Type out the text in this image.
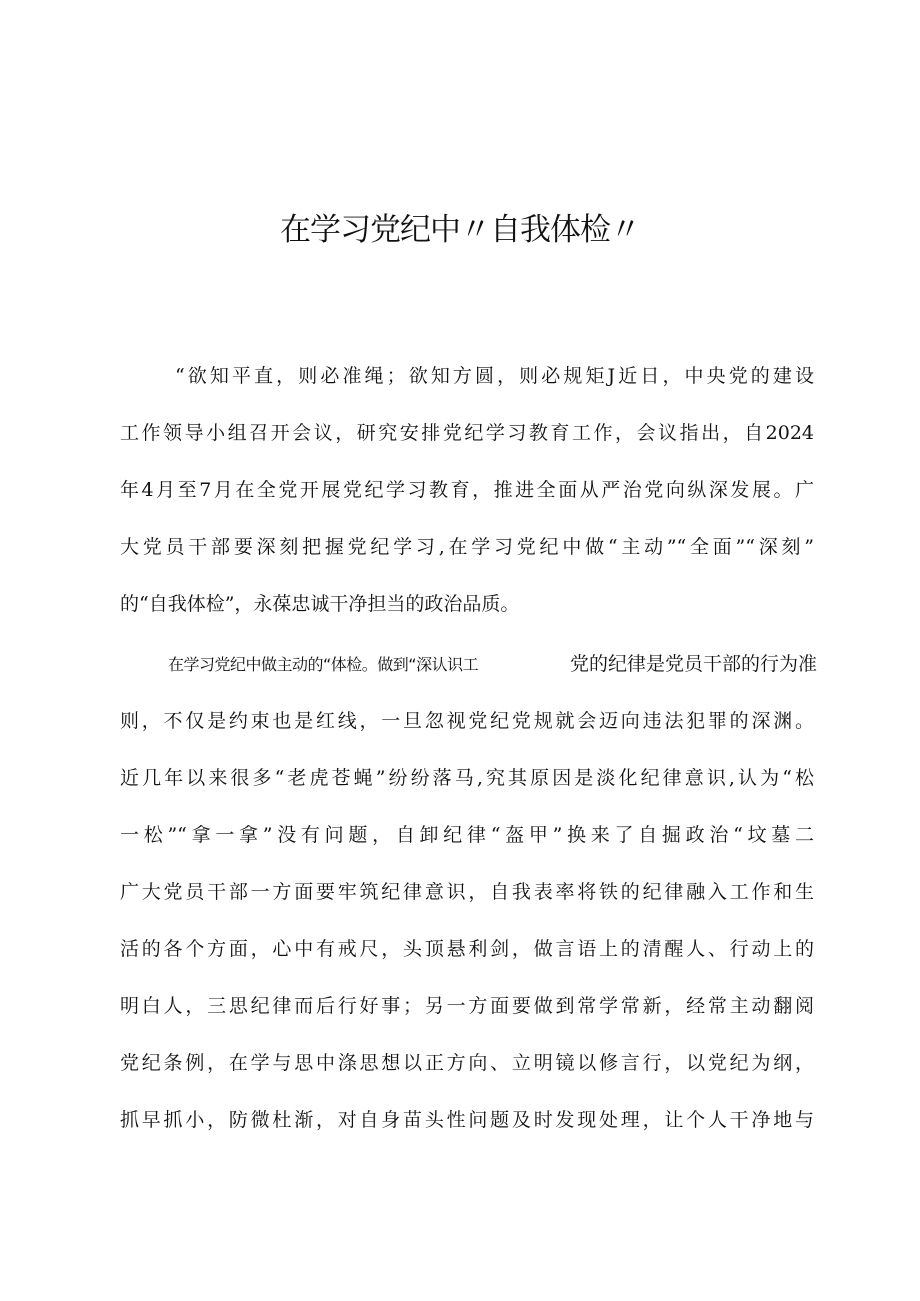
在学习党纪中〃自我体检〃
“欲知平直，则必准绳；欲知方圆，则必规矩J近日，中央党的建设
工作领导小组召开会议，研究安排党纪学习教育工作，会议指出，自2024
年4月至7月在全党开展党纪学习教育，推进全面从严治党向纵深发展。广
大党员干部要深刻把握党纪学习,在学习党纪中做“主动”“全面”“深刻”
的“自我体检”，永葆忠诚干净担当的政治品质。
在学习党纪中做主动的“体检。做到“深认识工	党的纪律是党员干部的行为准
则，不仅是约束也是红线，一旦忽视党纪党规就会迈向违法犯罪的深渊。
近几年以来很多“老虎苍蝇”纷纷落马,究其原因是淡化纪律意识,认为“松
一松”“拿一拿”没有问题，自卸纪律“盔甲”换来了自掘政治“坟墓二
广大党员干部一方面要牢筑纪律意识，自我表率将铁的纪律融入工作和生
活的各个方面，心中有戒尺，头顶悬利剑，做言语上的清醒人、行动上的
明白人，三思纪律而后行好事；另一方面要做到常学常新，经常主动翻阅
党纪条例，在学与思中涤思想以正方向、立明镜以修言行，以党纪为纲，
抓早抓小，防微杜渐，对自身苗头性问题及时发现处理，让个人干净地与
